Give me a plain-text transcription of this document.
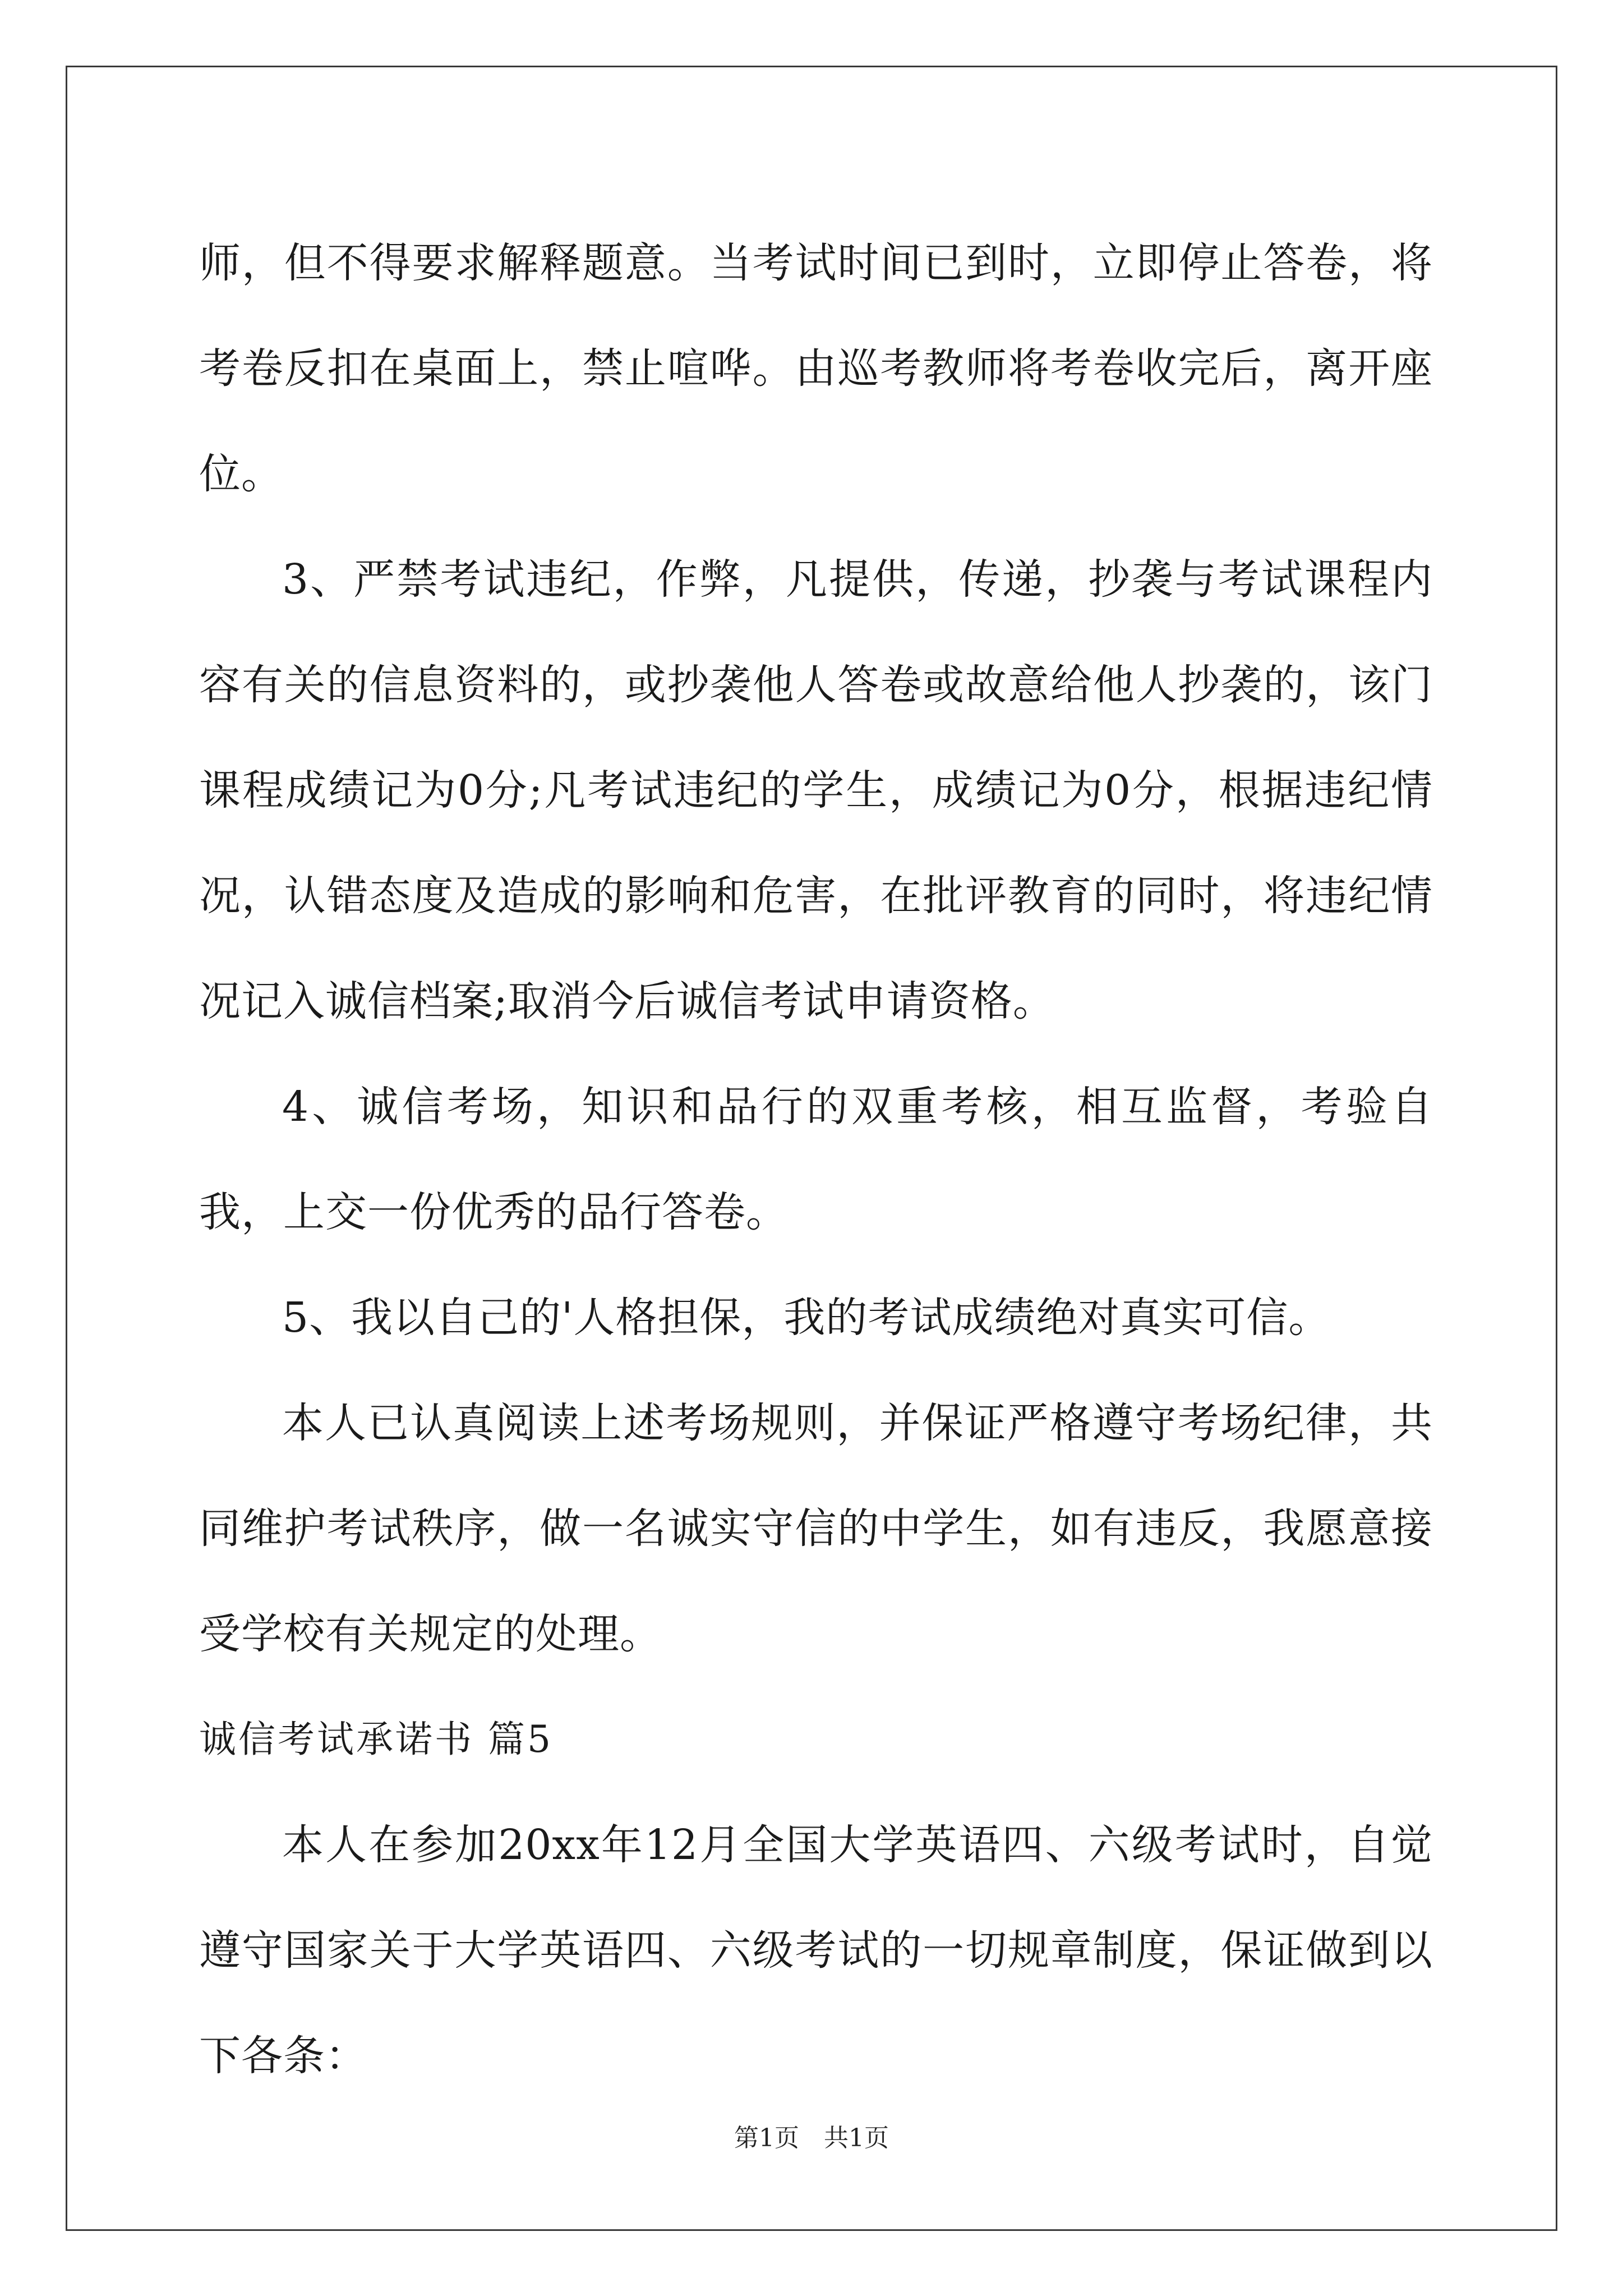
师，但不得要求解释题意。当考试时间已到时，立即停止答卷，将考卷反扣在桌面上，禁止喧哗。由巡考教师将考卷收完后，离开座位。

3、严禁考试违纪，作弊，凡提供，传递，抄袭与考试课程内容有关的信息资料的，或抄袭他人答卷或故意给他人抄袭的，该门课程成绩记为0分;凡考试违纪的学生，成绩记为0分，根据违纪情况，认错态度及造成的影响和危害，在批评教育的同时，将违纪情况记入诚信档案;取消今后诚信考试申请资格。

4、诚信考场，知识和品行的双重考核，相互监督，考验自我，上交一份优秀的品行答卷。

5、我以自己的'人格担保，我的考试成绩绝对真实可信。

本人已认真阅读上述考场规则，并保证严格遵守考场纪律，共同维护考试秩序，做一名诚实守信的中学生，如有违反，我愿意接受学校有关规定的处理。

诚信考试承诺书 篇5

本人在参加20xx年12月全国大学英语四、六级考试时，自觉遵守国家关于大学英语四、六级考试的一切规章制度，保证做到以下各条：

第1页　共1页
